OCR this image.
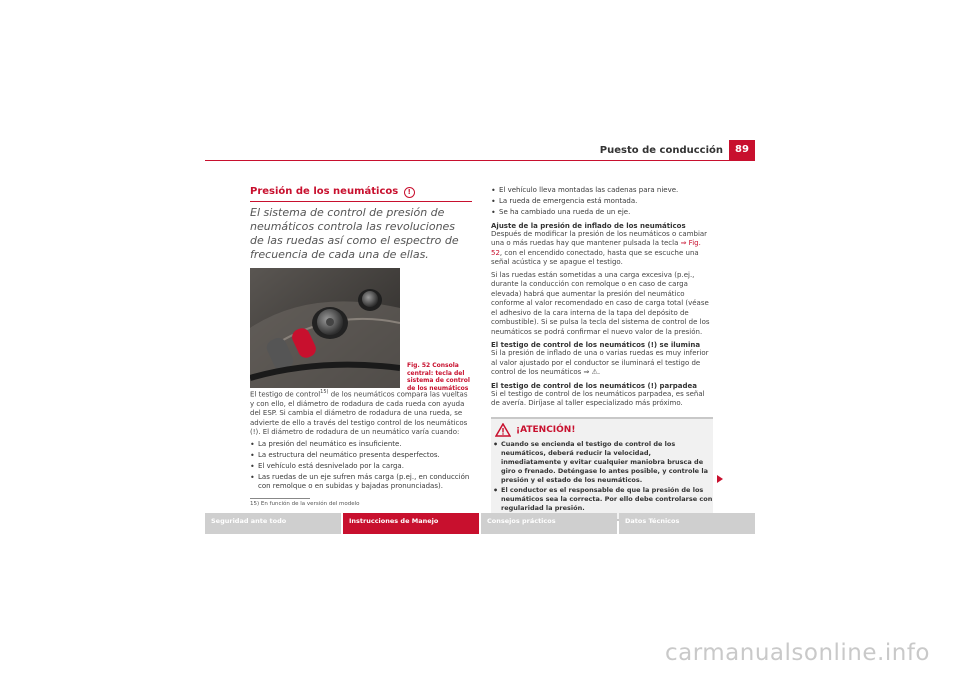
Puesto de conducción	89
Presión de los neumáticos !
El sistema de control de presión de neumáticos controla las revoluciones de las ruedas así como el espectro de frecuencia de cada una de ellas.
Fig. 52 Consola central: tecla del sistema de control de los neumáticos

El testigo de control$^{15)}$ de los neumáticos compara las vueltas y con ello, el diámetro de rodadura de cada rueda con ayuda del ESP. Si cambia el diámetro de rodadura de una rueda, se advierte de ello a través del testigo control de los neumáticos (!). El diámetro de rodadura de un neumático varía cuando:

• La presión del neumático es insuficiente.
• La estructura del neumático presenta desperfectos.
• El vehículo está desnivelado por la carga.
• Las ruedas de un eje sufren más carga (p.ej., en conducción con remolque o en subidas y bajadas pronunciadas).
15) En función de la versión del modelo
• El vehículo lleva montadas las cadenas para nieve.
• La rueda de emergencia está montada.
• Se ha cambiado una rueda de un eje.
Ajuste de la presión de inflado de los neumáticos

Después de modificar la presión de los neumáticos o cambiar una o más ruedas hay que mantener pulsada la tecla ⇒ Fig. 52, con el encendido conectado, hasta que se escuche una señal acústica y se apague el testigo.

Si las ruedas están sometidas a una carga excesiva (p.ej., durante la conducción con remolque o en caso de carga elevada) habrá que aumentar la presión del neumático conforme al valor recomendado en caso de carga total (véase el adhesivo de la cara interna de la tapa del depósito de combustible). Si se pulsa la tecla del sistema de control de los neumáticos se podrá confirmar el nuevo valor de la presión.

El testigo de control de los neumáticos (!) se ilumina

Si la presión de inflado de una o varias ruedas es muy inferior al valor ajustado por el conductor se iluminará el testigo de control de los neumáticos ⇒ ⚠.

El testigo de control de los neumáticos (!) parpadea

Si el testigo de control de los neumáticos parpadea, es señal de avería. Diríjase al taller especializado más próximo.

¡ATENCIÓN!
• Cuando se encienda el testigo de control de los neumáticos, deberá reducir la velocidad, inmediatamente y evitar cualquier maniobra brusca de giro o frenado. Deténgase lo antes posible, y controle la presión y el estado de los neumáticos.
• El conductor es el responsable de que la presión de los neumáticos sea la correcta. Por ello debe controlarse con regularidad la presión.
Seguridad ante todo	Instrucciones de Manejo	Consejos prácticos	Datos Técnicos
carmanualsonline.info
